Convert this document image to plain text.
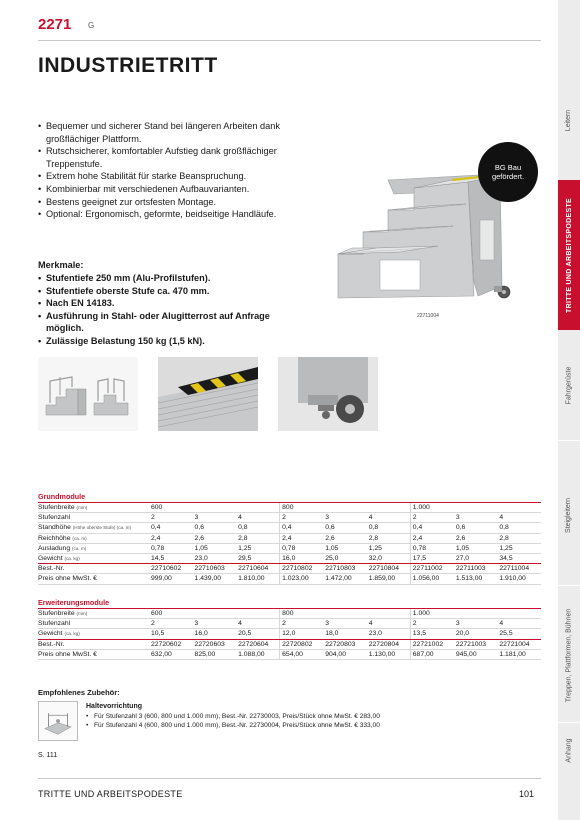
2271 G
INDUSTRIETRITT
Leitern
TRITTE UND ARBEITSPODESTE
Fahrgerüste
Steigleitern
Treppen, Plattformen, Bühnen
Anhang
• Bequemer und sicherer Stand bei längeren Arbeiten dank großflächiger Plattform.
• Rutschsicherer, komfortabler Aufstieg dank großflächiger Treppenstufe.
• Extrem hohe Stabilität für starke Beanspruchung.
• Kombinierbar mit verschiedenen Aufbauvarianten.
• Bestens geeignet zur ortsfesten Montage.
• Optional: Ergonomisch, geformte, beidseitige Handläufe.
Merkmale:
• Stufentiefe 250 mm (Alu-Profilstufen).
• Stufentiefe oberste Stufe ca. 470 mm.
• Nach EN 14183.
• Ausführung in Stahl- oder Alugitterrost auf Anfrage möglich.
• Zulässige Belastung 150 kg (1,5 kN).
BG Bau gefördert.
22711004
Grundmodule
Stufenbreite (mm)	600			800			1.000		
Stufenzahl	2	3	4	2	3	4	2	3	4
Standhöhe (Höhe oberste Stufe) (ca. m)	0,4	0,6	0,8	0,4	0,6	0,8	0,4	0,6	0,8
Reichhöhe (ca. m)	2,4	2,6	2,8	2,4	2,6	2,8	2,4	2,6	2,8
Ausladung (ca. m)	0,78	1,05	1,25	0,78	1,05	1,25	0,78	1,05	1,25
Gewicht (ca. kg)	14,5	23,0	29,5	16,0	25,0	32,0	17,5	27,0	34,5
Best.-Nr.	22710602	22710603	22710604	22710802	22710803	22710804	22711002	22711003	22711004
Preis ohne MwSt. €	999,00	1.439,00	1.810,00	1.023,00	1.472,00	1.859,00	1.056,00	1.513,00	1.910,00
Erweiterungsmodule
Stufenbreite (mm)	600			800			1.000		
Stufenzahl	2	3	4	2	3	4	2	3	4
Gewicht (ca. kg)	10,5	16,0	20,5	12,0	18,0	23,0	13,5	20,0	25,5
Best.-Nr.	22720602	22720603	22720604	22720802	22720803	22720804	22721002	22721003	22721004
Preis ohne MwSt. €	632,00	825,00	1.088,00	654,00	904,00	1.130,00	687,00	945,00	1.181,00
Empfohlenes Zubehör:
Haltevorrichtung
• Für Stufenzahl 3 (600, 800 und 1.000 mm), Best.-Nr. 22730003, Preis/Stück ohne MwSt. € 283,00
• Für Stufenzahl 4 (600, 800 und 1.000 mm), Best.-Nr. 22730004, Preis/Stück ohne MwSt. € 333,00
S. 111
TRITTE UND ARBEITSPODESTE	101
